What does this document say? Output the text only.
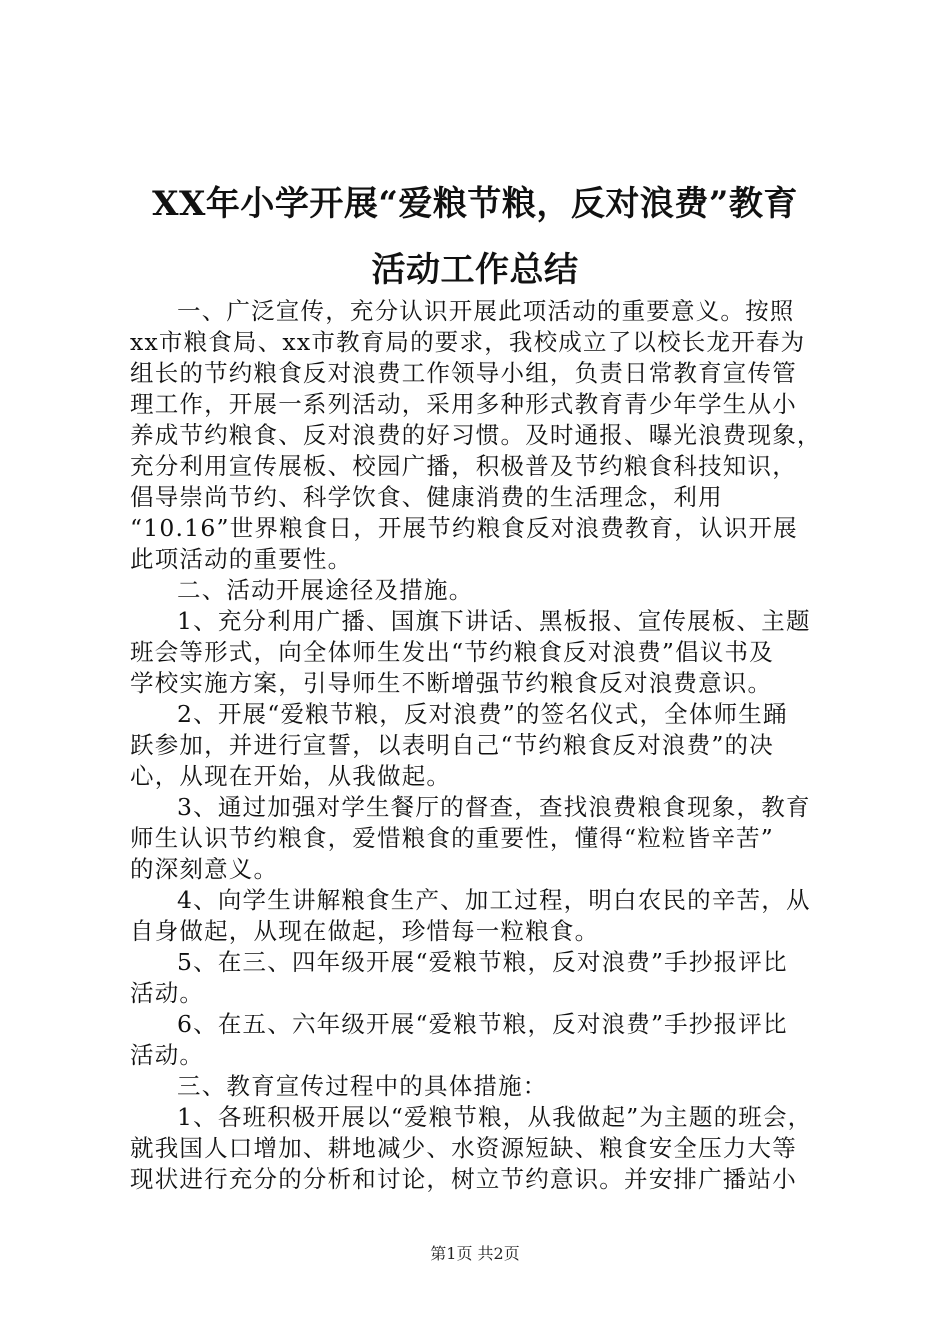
XX年小学开展“爱粮节粮，反对浪费”教育
活动工作总结
一、广泛宣传，充分认识开展此项活动的重要意义。按照
xx市粮食局、xx市教育局的要求，我校成立了以校长龙开春为
组长的节约粮食反对浪费工作领导小组，负责日常教育宣传管
理工作，开展一系列活动，采用多种形式教育青少年学生从小
养成节约粮食、反对浪费的好习惯。及时通报、曝光浪费现象，
充分利用宣传展板、校园广播，积极普及节约粮食科技知识，
倡导崇尚节约、科学饮食、健康消费的生活理念，利用
“10.16”世界粮食日，开展节约粮食反对浪费教育，认识开展
此项活动的重要性。
二、活动开展途径及措施。
1、充分利用广播、国旗下讲话、黑板报、宣传展板、主题
班会等形式，向全体师生发出“节约粮食反对浪费”倡议书及
学校实施方案，引导师生不断增强节约粮食反对浪费意识。
2、开展“爱粮节粮，反对浪费”的签名仪式，全体师生踊
跃参加，并进行宣誓，以表明自己“节约粮食反对浪费”的决
心，从现在开始，从我做起。
3、通过加强对学生餐厅的督查，查找浪费粮食现象，教育
师生认识节约粮食，爱惜粮食的重要性，懂得“粒粒皆辛苦”
的深刻意义。
4、向学生讲解粮食生产、加工过程，明白农民的辛苦，从
自身做起，从现在做起，珍惜每一粒粮食。
5、在三、四年级开展“爱粮节粮，反对浪费”手抄报评比
活动。
6、在五、六年级开展“爱粮节粮，反对浪费”手抄报评比
活动。
三、教育宣传过程中的具体措施：
1、各班积极开展以“爱粮节粮，从我做起”为主题的班会，
就我国人口增加、耕地减少、水资源短缺、粮食安全压力大等
现状进行充分的分析和讨论，树立节约意识。并安排广播站小
第1页 共2页
